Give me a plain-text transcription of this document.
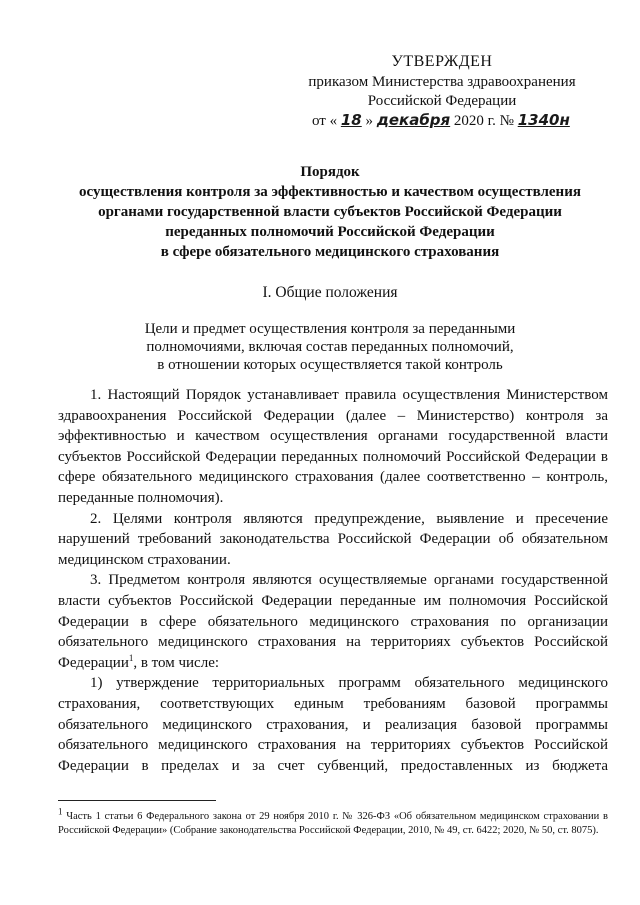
УТВЕРЖДЕН
приказом Министерства здравоохранения
Российской Федерации
от « 18 » декабря 2020 г. № 1340н
Порядок
осуществления контроля за эффективностью и качеством осуществления
органами государственной власти субъектов Российской Федерации
переданных полномочий Российской Федерации
в сфере обязательного медицинского страхования
I. Общие положения
Цели и предмет осуществления контроля за переданными
полномочиями, включая состав переданных полномочий,
в отношении которых осуществляется такой контроль

1. Настоящий Порядок устанавливает правила осуществления Министерством здравоохранения Российской Федерации (далее – Министерство) контроля за эффективностью и качеством осуществления органами государственной власти субъектов Российской Федерации переданных полномочий Российской Федерации в сфере обязательного медицинского страхования (далее соответственно – контроль, переданные полномочия).

2. Целями контроля являются предупреждение, выявление и пресечение нарушений требований законодательства Российской Федерации об обязательном медицинском страховании.

3. Предметом контроля являются осуществляемые органами государственной власти субъектов Российской Федерации переданные им полномочия Российской Федерации в сфере обязательного медицинского страхования по организации обязательного медицинского страхования на территориях субъектов Российской Федерации$^1$, в том числе:

1) утверждение территориальных программ обязательного медицинского страхования, соответствующих единым требованиям базовой программы обязательного медицинского страхования, и реализация базовой программы обязательного медицинского страхования на территориях субъектов Российской Федерации в пределах и за счет субвенций, предоставленных из бюджета

$^1$ Часть 1 статьи 6 Федерального закона от 29 ноября 2010 г. № 326-ФЗ «Об обязательном медицинском страховании в Российской Федерации» (Собрание законодательства Российской Федерации, 2010, № 49, ст. 6422; 2020, № 50, ст. 8075).
